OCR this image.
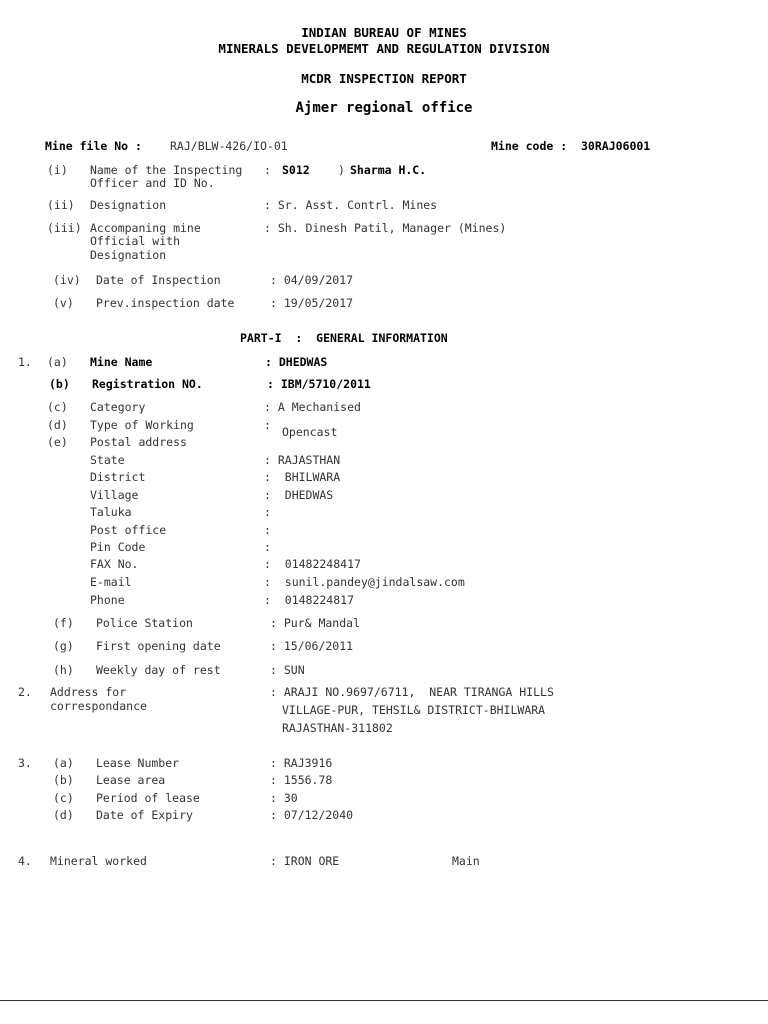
INDIAN BUREAU OF MINES
MINERALS DEVELOPMEMT AND REGULATION DIVISION
MCDR INSPECTION REPORT
Ajmer regional office
Mine file No : RAJ/BLW-426/IO-01	Mine code : 30RAJ06001
(i) Name of the Inspecting
Officer and ID No.
: S012 ) Sharma H.C.
(ii) Designation	: Sr. Asst. Contrl. Mines
(iii) Accompaning mine
Official with
Designation
: Sh. Dinesh Patil, Manager (Mines)
(iv) Date of Inspection	: 04/09/2017
(v) Prev.inspection date	: 19/05/2017
PART-I  :  GENERAL INFORMATION
1. (a) Mine Name	: DHEDWAS
(b) Registration NO.	: IBM/5710/2011
(c) Category	: A Mechanised
(d) Type of Working	: Opencast
(e) Postal address
State	: RAJASTHAN
District	:  BHILWARA
Village	:  DHEDWAS
Taluka	:
Post office	:
Pin Code	:
FAX No.	:  01482248417
E-mail	:  sunil.pandey@jindalsaw.com
Phone	:  0148224817
(f) Police Station	: Pur& Mandal
(g) First opening date	: 15/06/2011
(h) Weekly day of rest	: SUN
2. Address for
correspondance
: ARAJI NO.9697/6711,  NEAR TIRANGA HILLS
VILLAGE-PUR, TEHSIL& DISTRICT-BHILWARA
RAJASTHAN-311802
3. (a) Lease Number	: RAJ3916
(b) Lease area	: 1556.78
(c) Period of lease	: 30
(d) Date of Expiry	: 07/12/2040
4. Mineral worked	: IRON ORE	Main
